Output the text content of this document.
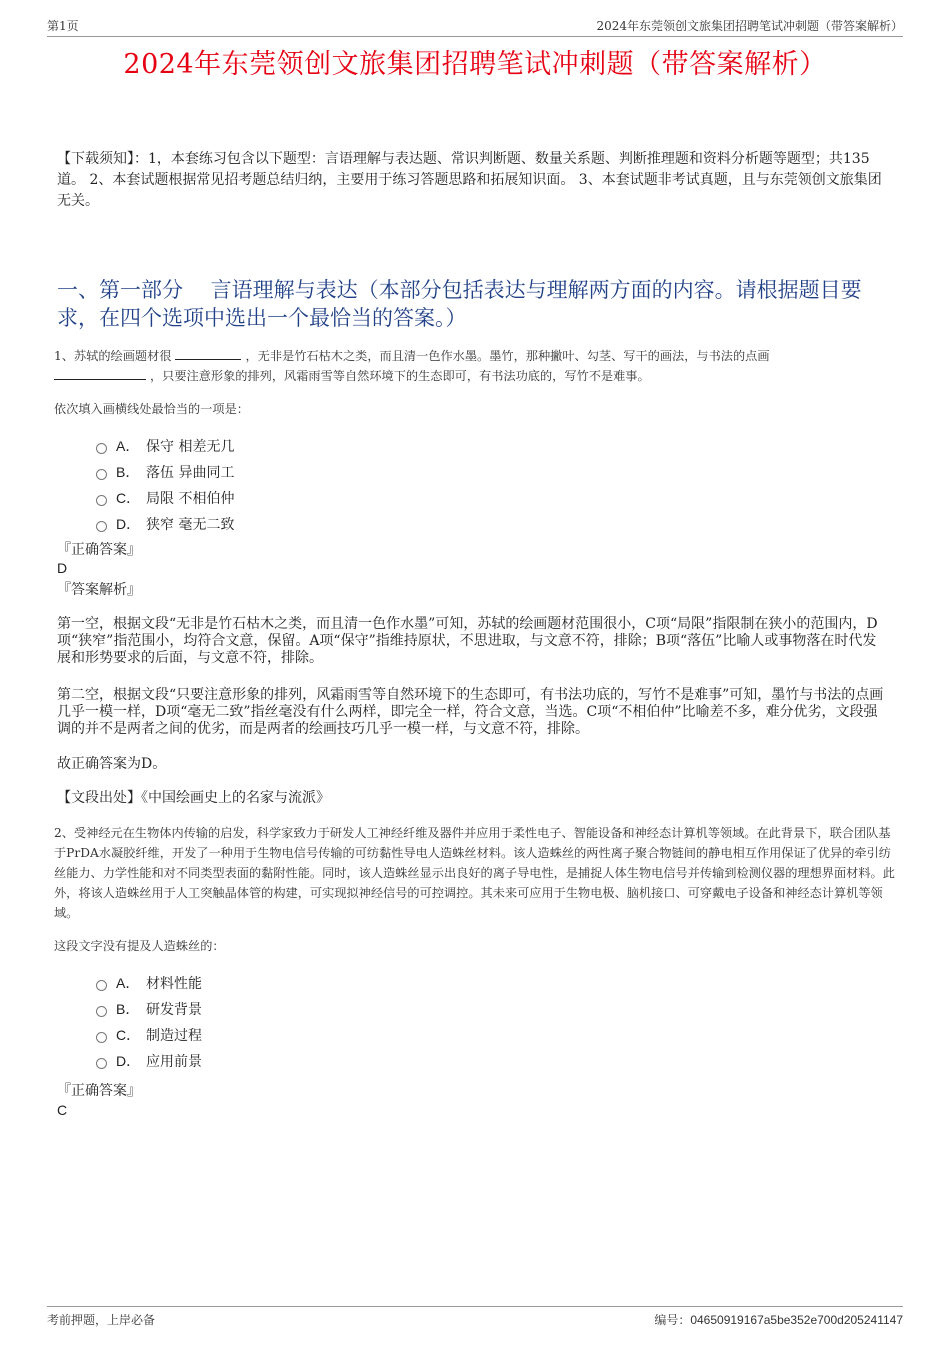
第1页	2024年东莞领创文旅集团招聘笔试冲刺题（带答案解析）
2024年东莞领创文旅集团招聘笔试冲刺题（带答案解析）

【下载须知】：1，本套练习包含以下题型：言语理解与表达题、常识判断题、数量关系题、判断推理题和资料分析题等题型；共135道。 2、本套试题根据常见招考题总结归纳，主要用于练习答题思路和拓展知识面。 3、本套试题非考试真题，且与东莞领创文旅集团无关。

一、第一部分　 言语理解与表达（本部分包括表达与理解两方面的内容。请根据题目要求，在四个选项中选出一个最恰当的答案。）

1、苏轼的绘画题材很	，无非是竹石枯木之类，而且清一色作水墨。墨竹，那种撇叶、勾茎、写干的画法，与书法的点画
，只要注意形象的排列，风霜雨雪等自然环境下的生态即可，有书法功底的，写竹不是难事。

依次填入画横线处最恰当的一项是：

A． 保守 相差无几
B． 落伍 异曲同工
C． 局限 不相伯仲
D． 狭窄 毫无二致

『正确答案』

D

『答案解析』

第一空，根据文段“无非是竹石枯木之类，而且清一色作水墨”可知，苏轼的绘画题材范围很小，C项“局限”指限制在狭小的范围内，D项“狭窄”指范围小，均符合文意，保留。A项“保守”指维持原状，不思进取，与文意不符，排除；B项“落伍”比喻人或事物落在时代发展和形势要求的后面，与文意不符，排除。

第二空，根据文段“只要注意形象的排列，风霜雨雪等自然环境下的生态即可，有书法功底的，写竹不是难事”可知，墨竹与书法的点画几乎一模一样，D项“毫无二致”指丝毫没有什么两样，即完全一样，符合文意，当选。C项“不相伯仲”比喻差不多，难分优劣，文段强调的并不是两者之间的优劣，而是两者的绘画技巧几乎一模一样，与文意不符，排除。

故正确答案为D。

【文段出处】《中国绘画史上的名家与流派》

2、受神经元在生物体内传输的启发，科学家致力于研发人工神经纤维及器件并应用于柔性电子、智能设备和神经态计算机等领域。在此背景下，联合团队基于PrDA水凝胶纤维，开发了一种用于生物电信号传输的可纺黏性导电人造蛛丝材料。该人造蛛丝的两性离子聚合物链间的静电相互作用保证了优异的牵引纺丝能力、力学性能和对不同类型表面的黏附性能。同时，该人造蛛丝显示出良好的离子导电性，是捕捉人体生物电信号并传输到检测仪器的理想界面材料。此外，将该人造蛛丝用于人工突触晶体管的构建，可实现拟神经信号的可控调控。其未来可应用于生物电极、脑机接口、可穿戴电子设备和神经态计算机等领域。

这段文字没有提及人造蛛丝的：

A． 材料性能
B． 研发背景
C． 制造过程
D． 应用前景

『正确答案』

C

考前押题，上岸必备	编号：04650919167a5be352e700d205241147
